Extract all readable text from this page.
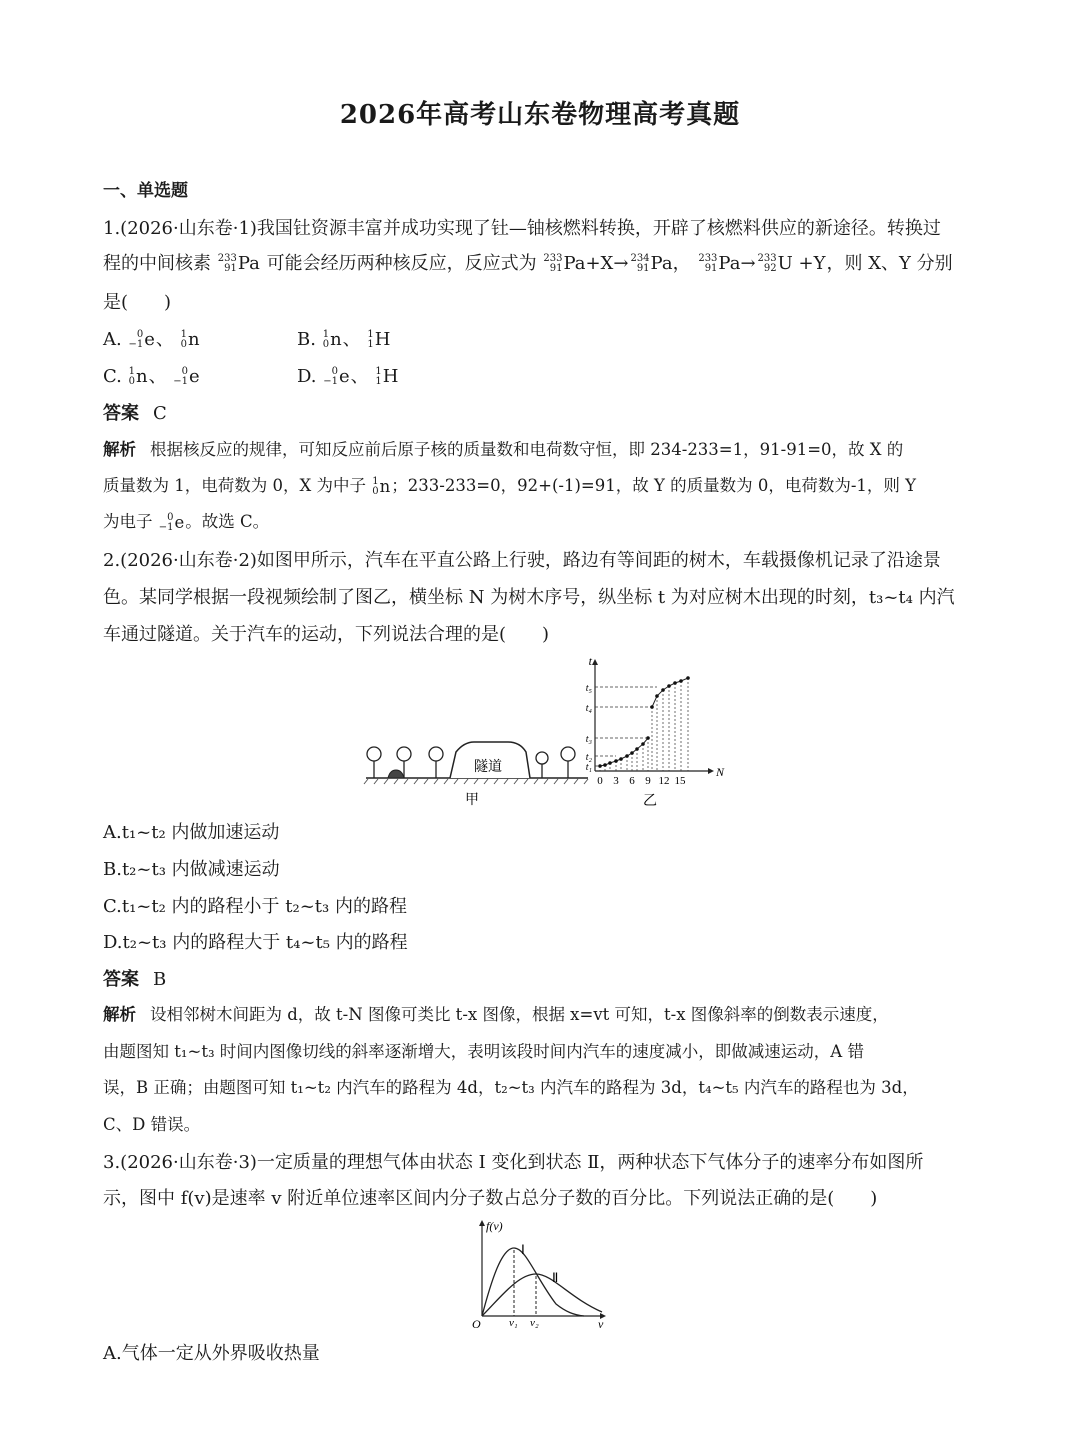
2026年高考山东卷物理高考真题
一、单选题
1.(2026·山东卷·1)我国钍资源丰富并成功实现了钍—铀核燃料转换，开辟了核燃料供应的新途径。转换过
程的中间核素 233
91 Pa 可能会经历两种核反应，反应式为 233
91 Pa+X→ 234
91 Pa， 233
91 Pa→ 233
92 U +Y，则 X、Y 分别
是(　　)
A. 0
−1 e、 1
0 n	B. 1
0 n、 1
1 H
C. 1
0 n、 0
−1 e	D. 0
−1 e、 1
1 H
答案 C
解析 根据核反应的规律，可知反应前后原子核的质量数和电荷数守恒，即 234-233=1，91-91=0，故 X 的
质量数为 1，电荷数为 0，X 为中子 1
0 n；233-233=0，92+(-1)=91，故 Y 的质量数为 0，电荷数为-1，则 Y
为电子 0
−1 e。故选 C。
2.(2026·山东卷·2)如图甲所示，汽车在平直公路上行驶，路边有等间距的树木，车载摄像机记录了沿途景
色。某同学根据一段视频绘制了图乙，横坐标 N 为树木序号，纵坐标 t 为对应树木出现的时刻，t₃~t₄ 内汽
车通过隧道。关于汽车的运动，下列说法合理的是(　　)
隧道
甲
t
N
0 3 6 9 12 15
t₁
t₂
t₃
t₄
t₅
乙
A.t₁~t₂ 内做加速运动
B.t₂~t₃ 内做减速运动
C.t₁~t₂ 内的路程小于 t₂~t₃ 内的路程
D.t₂~t₃ 内的路程大于 t₄~t₅ 内的路程
答案 B
解析 设相邻树木间距为 d，故 t-N 图像可类比 t-x 图像，根据 x=vt 可知，t-x 图像斜率的倒数表示速度，
由题图知 t₁~t₃ 时间内图像切线的斜率逐渐增大，表明该段时间内汽车的速度减小，即做减速运动，A 错
误，B 正确；由题图可知 t₁~t₂ 内汽车的路程为 4d，t₂~t₃ 内汽车的路程为 3d，t₄~t₅ 内汽车的路程也为 3d，
C、D 错误。
3.(2026·山东卷·3)一定质量的理想气体由状态 Ⅰ 变化到状态 Ⅱ，两种状态下气体分子的速率分布如图所
示，图中 f(v)是速率 v 附近单位速率区间内分子数占总分子数的百分比。下列说法正确的是(　　)
f(v)
v
O
Ⅰ
Ⅱ
v₁ v₂
A.气体一定从外界吸收热量
